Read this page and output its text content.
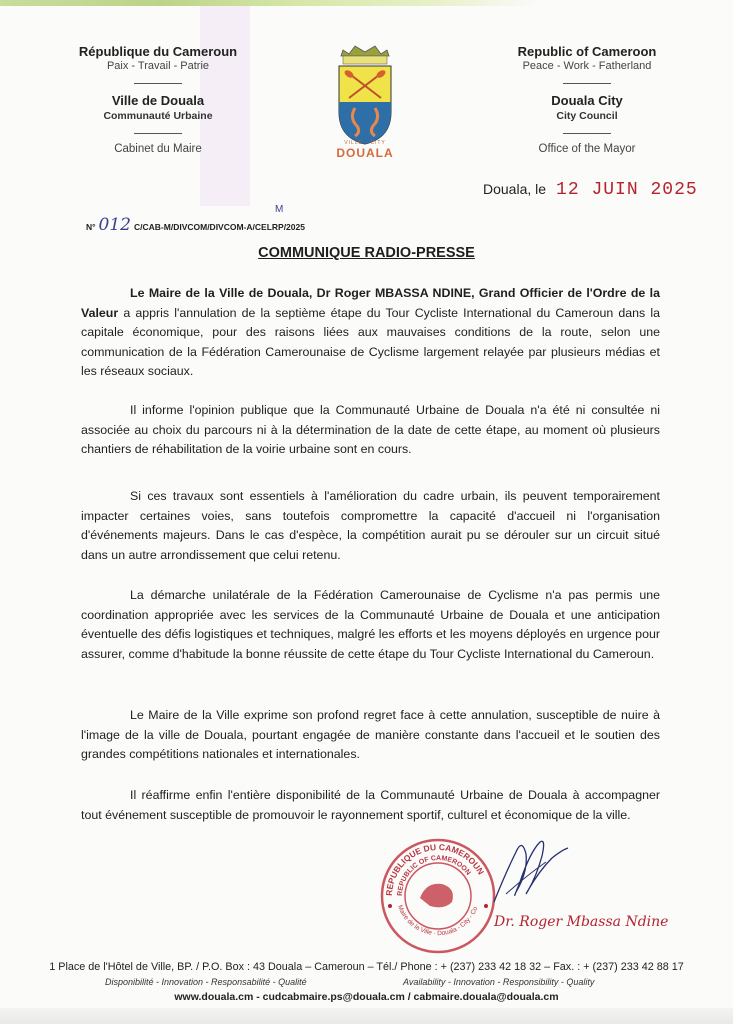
République du Cameroun
Paix - Travail - Patrie
Ville de Douala
Communauté Urbaine
Cabinet du Maire
Republic of Cameroon
Peace - Work - Fatherland
Douala City
City Council
Office of the Mayor
VILLE · CITY
DOUALA
Douala, le 12 JUIN 2025
N° 012 C/CAB-M/DIVCOM/DIVCOM-A/CELRP/2025
M
COMMUNIQUE RADIO-PRESSE

Le Maire de la Ville de Douala, Dr Roger MBASSA NDINE, Grand Officier de l'Ordre de la Valeur a appris l'annulation de la septième étape du Tour Cycliste International du Cameroun dans la capitale économique, pour des raisons liées aux mauvaises conditions de la route, selon une communication de la Fédération Camerounaise de Cyclisme largement relayée par plusieurs médias et les réseaux sociaux.

Il informe l'opinion publique que la Communauté Urbaine de Douala n'a été ni consultée ni associée au choix du parcours ni à la détermination de la date de cette étape, au moment où plusieurs chantiers de réhabilitation de la voirie urbaine sont en cours.

Si ces travaux sont essentiels à l'amélioration du cadre urbain, ils peuvent temporairement impacter certaines voies, sans toutefois compromettre la capacité d'accueil ni l'organisation d'événements majeurs. Dans le cas d'espèce, la compétition aurait pu se dérouler sur un circuit situé dans un autre arrondissement que celui retenu.

La démarche unilatérale de la Fédération Camerounaise de Cyclisme n'a pas permis une coordination appropriée avec les services de la Communauté Urbaine de Douala et une anticipation éventuelle des défis logistiques et techniques, malgré les efforts et les moyens déployés en urgence pour assurer, comme d'habitude la bonne réussite de cette étape du Tour Cycliste International du Cameroun.

Le Maire de la Ville exprime son profond regret face à cette annulation, susceptible de nuire à l'image de la ville de Douala, pourtant engagée de manière constante dans l'accueil et le soutien des grandes compétitions nationales et internationales.

Il réaffirme enfin l'entière disponibilité de la Communauté Urbaine de Douala à accompagner tout événement susceptible de promouvoir le rayonnement sportif, culturel et économique de la ville.

REPUBLIQUE DU CAMEROUN
REPUBLIC OF CAMEROON
Maire de la Ville · Douala - City - Co
Dr. Roger Mbassa Ndine
1 Place de l'Hôtel de Ville, BP. / P.O. Box : 43 Douala – Cameroun – Tél./ Phone : + (237) 233 42 18 32 – Fax. : + (237) 233 42 88 17
Disponibilité - Innovation - Responsabilité - Qualité	Availability - Innovation - Responsibility - Quality
www.douala.cm - cudcabmaire.ps@douala.cm / cabmaire.douala@douala.cm
